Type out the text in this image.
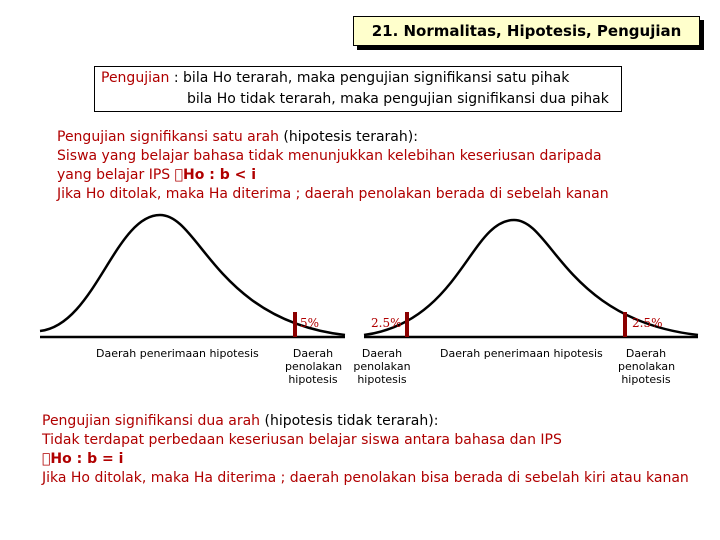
21. Normalitas, Hipotesis, Pengujian
Pengujian : bila Ho terarah, maka pengujian signifikansi satu pihak
bila Ho tidak terarah, maka pengujian signifikansi dua pihak
Pengujian signifikansi satu arah (hipotesis terarah):
Siswa yang belajar bahasa tidak menunjukkan kelebihan keseriusan daripada
yang belajar IPS  Ho : b < i
Jika Ho ditolak, maka Ha diterima ; daerah penolakan berada di sebelah kanan
5%	2.5%	2.5%
Daerah penerimaan hipotesis	Daerah
penolakan
hipotesis
Daerah
penolakan
hipotesis
Daerah penerimaan hipotesis	Daerah
penolakan
hipotesis
Pengujian signifikansi dua arah (hipotesis tidak terarah):
Tidak terdapat perbedaan keseriusan belajar siswa antara bahasa dan IPS
 Ho : b = i
Jika Ho ditolak, maka Ha diterima ; daerah penolakan bisa berada di sebelah kiri atau kanan
